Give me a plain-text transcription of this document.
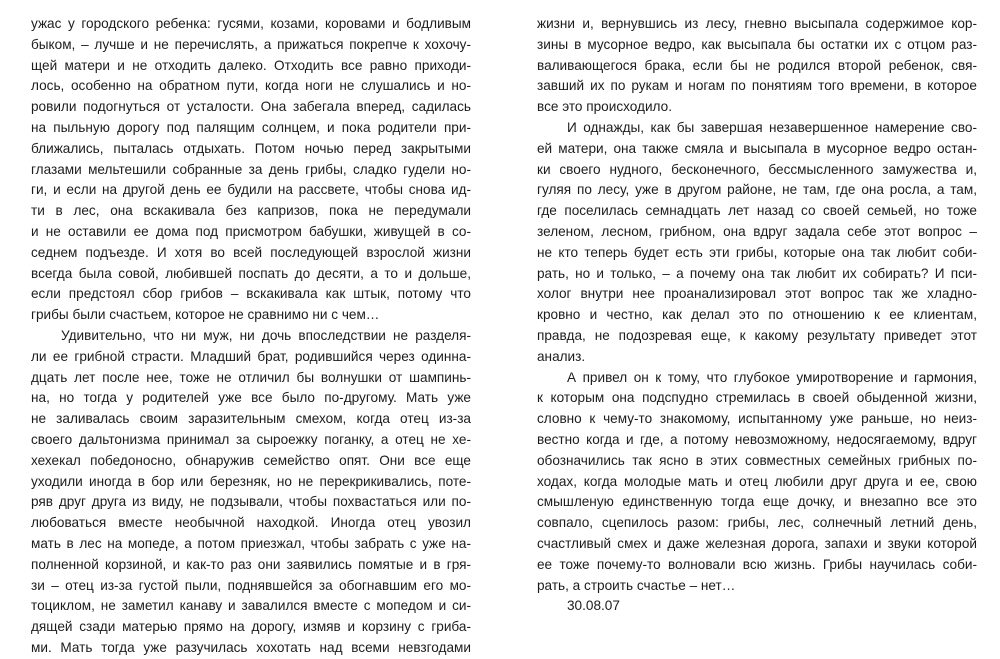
ужас у городского ребенка: гусями, козами, коровами и бодливым
быком, – лучше и не перечислять, а прижаться покрепче к хохочу-
щей матери и не отходить далеко. Отходить все равно приходи-
лось, особенно на обратном пути, когда ноги не слушались и но-
ровили подогнуться от усталости. Она забегала вперед, садилась
на пыльную дорогу под палящим солнцем, и пока родители при-
ближались, пыталась отдыхать. Потом ночью перед закрытыми
глазами мельтешили собранные за день грибы, сладко гудели но-
ги, и если на другой день ее будили на рассвете, чтобы снова ид-
ти в лес, она вскакивала без капризов, пока не передумали
и не оставили ее дома под присмотром бабушки, живущей в со-
седнем подъезде. И хотя во всей последующей взрослой жизни
всегда была совой, любившей поспать до десяти, а то и дольше,
если предстоял сбор грибов – вскакивала как штык, потому что
грибы были счастьем, которое не сравнимо ни с чем…
Удивительно, что ни муж, ни дочь впоследствии не разделя-
ли ее грибной страсти. Младший брат, родившийся через одинна-
дцать лет после нее, тоже не отличил бы волнушки от шампинь-
на, но тогда у родителей уже все было по-другому. Мать уже
не заливалась своим заразительным смехом, когда отец из-за
своего дальтонизма принимал за сыроежку поганку, а отец не хе-
хехекал победоносно, обнаружив семейство опят. Они все еще
уходили иногда в бор или березняк, но не перекрикивались, поте-
ряв друг друга из виду, не подзывали, чтобы похвастаться или по-
любоваться вместе необычной находкой. Иногда отец увозил
мать в лес на мопеде, а потом приезжал, чтобы забрать с уже на-
полненной корзиной, и как-то раз они заявились помятые и в гря-
зи – отец из-за густой пыли, поднявшейся за обогнавшим его мо-
тоциклом, не заметил канаву и завалился вместе с мопедом и си-
дящей сзади матерью прямо на дорогу, измяв и корзину с гриба-
ми. Мать тогда уже разучилась хохотать над всеми невзгодами
жизни и, вернувшись из лесу, гневно высыпала содержимое кор-
зины в мусорное ведро, как высыпала бы остатки их с отцом раз-
валивающегося брака, если бы не родился второй ребенок, свя-
завший их по рукам и ногам по понятиям того времени, в которое
все это происходило.
И однажды, как бы завершая незавершенное намерение сво-
ей матери, она также смяла и высыпала в мусорное ведро остан-
ки своего нудного, бесконечного, бессмысленного замужества и,
гуляя по лесу, уже в другом районе, не там, где она росла, а там,
где поселилась семнадцать лет назад со своей семьей, но тоже
зеленом, лесном, грибном, она вдруг задала себе этот вопрос –
не кто теперь будет есть эти грибы, которые она так любит соби-
рать, но и только, – а почему она так любит их собирать? И пси-
холог внутри нее проанализировал этот вопрос так же хладно-
кровно и честно, как делал это по отношению к ее клиентам,
правда, не подозревая еще, к какому результату приведет этот
анализ.
А привел он к тому, что глубокое умиротворение и гармония,
к которым она подспудно стремилась в своей обыденной жизни,
словно к чему-то знакомому, испытанному уже раньше, но неиз-
вестно когда и где, а потому невозможному, недосягаемому, вдруг
обозначились так ясно в этих совместных семейных грибных по-
ходах, когда молодые мать и отец любили друг друга и ее, свою
смышленую единственную тогда еще дочку, и внезапно все это
совпало, сцепилось разом: грибы, лес, солнечный летний день,
счастливый смех и даже железная дорога, запахи и звуки которой
ее тоже почему-то волновали всю жизнь. Грибы научилась соби-
рать, а строить счастье – нет…
30.08.07
